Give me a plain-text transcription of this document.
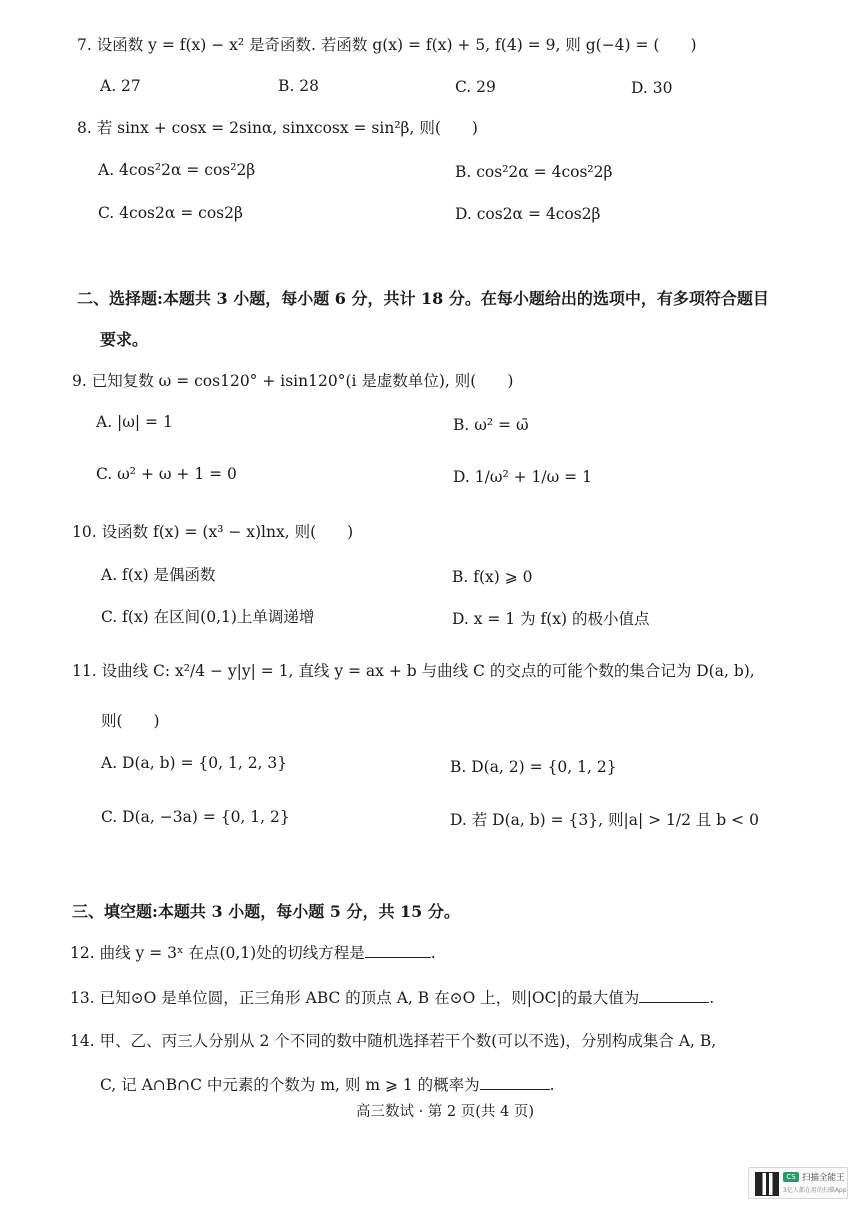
7. 设函数 y = f(x) − x² 是奇函数. 若函数 g(x) = f(x) + 5, f(4) = 9, 则 g(−4) = (　　)
A. 27	B. 28	C. 29	D. 30
8. 若 sinx + cosx = 2sinα, sinxcosx = sin²β, 则(　　)
A. 4cos²2α = cos²2β	B. cos²2α = 4cos²2β
C. 4cos2α = cos2β	D. cos2α = 4cos2β
二、选择题:本题共 3 小题，每小题 6 分，共计 18 分。在每小题给出的选项中，有多项符合题目
要求。
9. 已知复数 ω = cos120° + isin120°(i 是虚数单位), 则(　　)
A. |ω| = 1	B. ω² = ω̄
C. ω² + ω + 1 = 0	D. 1/ω² + 1/ω = 1
10. 设函数 f(x) = (x³ − x)lnx, 则(　　)
A. f(x) 是偶函数	B. f(x) ⩾ 0
C. f(x) 在区间(0,1)上单调递增	D. x = 1 为 f(x) 的极小值点
11. 设曲线 C: x²/4 − y|y| = 1, 直线 y = ax + b 与曲线 C 的交点的可能个数的集合记为 D(a, b),
则(　　)
A. D(a, b) = {0, 1, 2, 3}	B. D(a, 2) = {0, 1, 2}
C. D(a, −3a) = {0, 1, 2}	D. 若 D(a, b) = {3}, 则|a| > 1/2 且 b < 0
三、填空题:本题共 3 小题，每小题 5 分，共 15 分。
12. 曲线 y = 3ˣ 在点(0,1)处的切线方程是	.
13. 已知⊙O 是单位圆，正三角形 ABC 的顶点 A, B 在⊙O 上，则|OC|的最大值为	.
14. 甲、乙、丙三人分别从 2 个不同的数中随机选择若干个数(可以不选)，分别构成集合 A, B,
C, 记 A∩B∩C 中元素的个数为 m, 则 m ⩾ 1 的概率为	.
高三数试 · 第 2 页(共 4 页)
CS 扫描全能王
3亿人都在用的扫描App
